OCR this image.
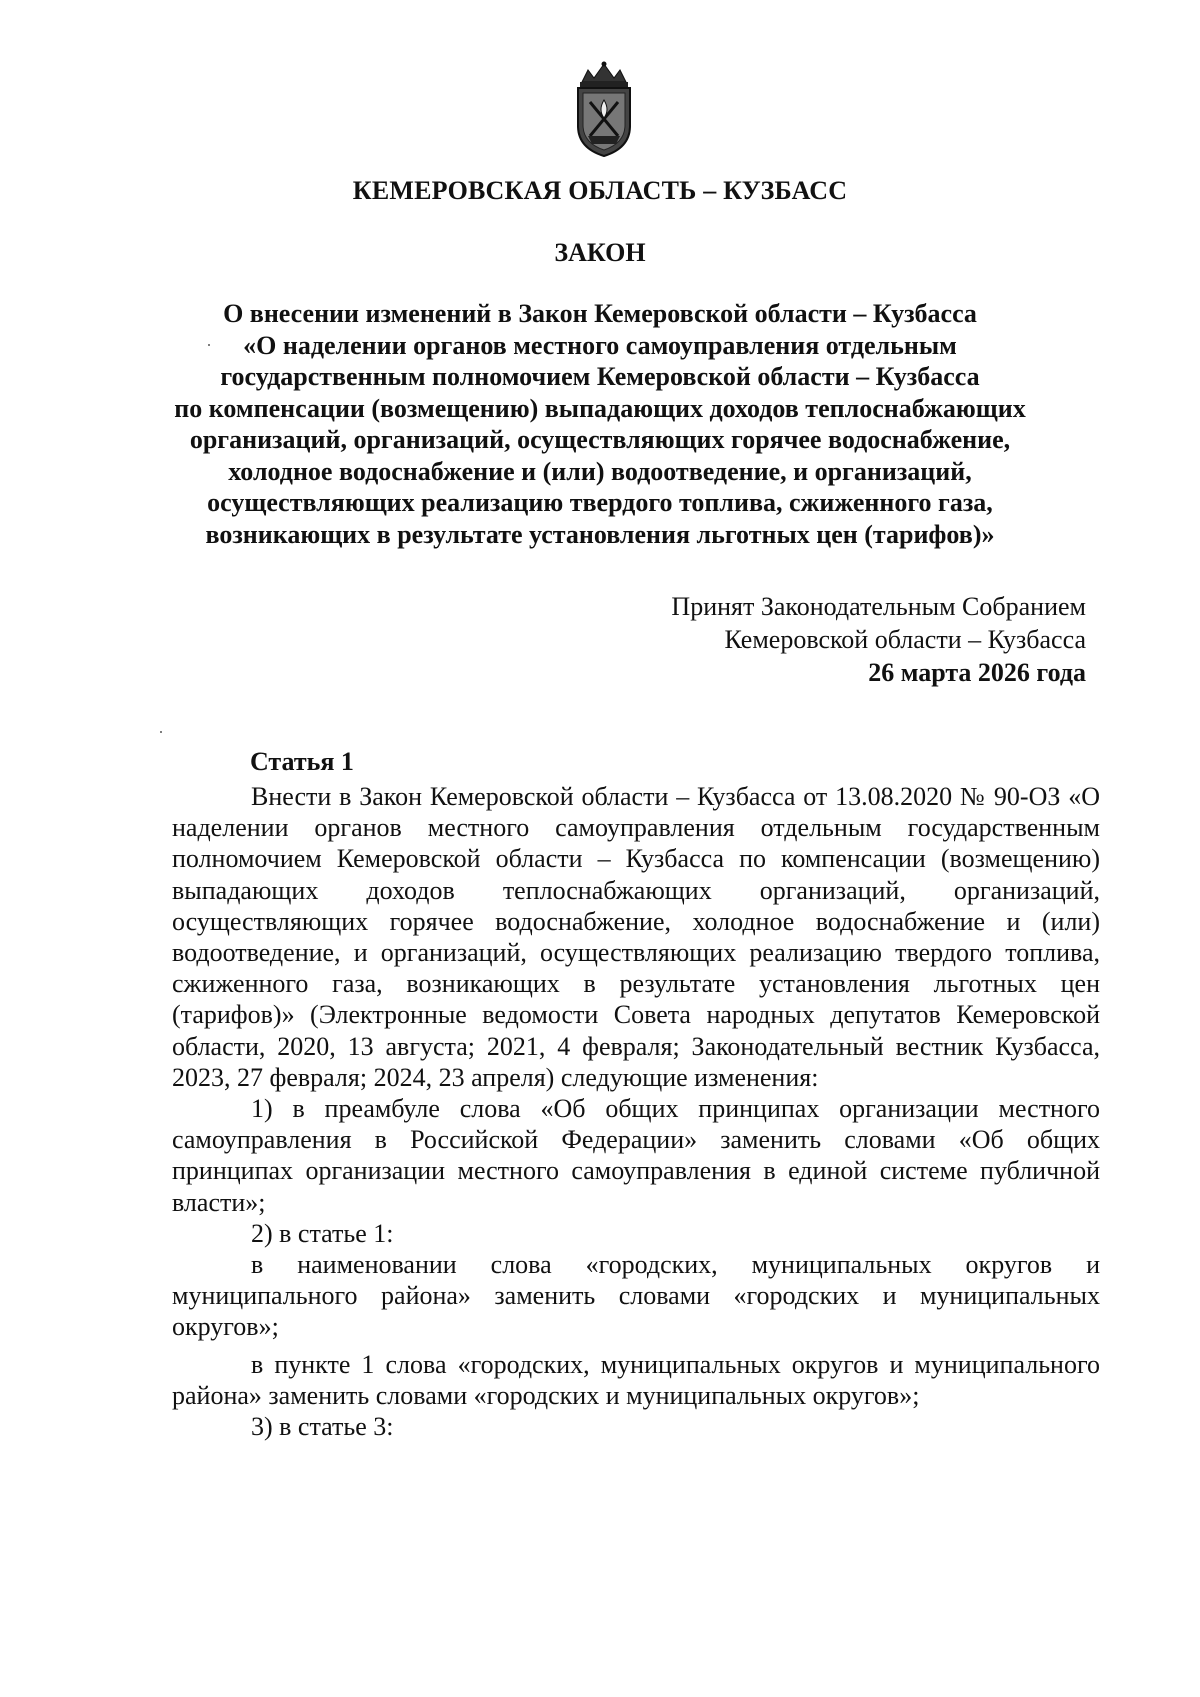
КЕМЕРОВСКАЯ ОБЛАСТЬ – КУЗБАСС
ЗАКОН
О внесении изменений в Закон Кемеровской области – Кузбасса
«О наделении органов местного самоуправления отдельным
государственным полномочием Кемеровской области – Кузбасса
по компенсации (возмещению) выпадающих доходов теплоснабжающих
организаций, организаций, осуществляющих горячее водоснабжение,
холодное водоснабжение и (или) водоотведение, и организаций,
осуществляющих реализацию твердого топлива, сжиженного газа,
возникающих в результате установления льготных цен (тарифов)»
Принят Законодательным Собранием
Кемеровской области – Кузбасса
26 марта 2026 года
Статья 1

Внести в Закон Кемеровской области – Кузбасса от 13.08.2020 № 90-ОЗ «О наделении органов местного самоуправления отдельным государственным полномочием Кемеровской области – Кузбасса по компенсации (возмещению) выпадающих доходов теплоснабжающих организаций, организаций, осуществляющих горячее водоснабжение, холодное водоснабжение и (или) водоотведение, и организаций, осуществляющих реализацию твердого топлива, сжиженного газа, возникающих в результате установления льготных цен (тарифов)» (Электронные ведомости Совета народных депутатов Кемеровской области, 2020, 13 августа; 2021, 4 февраля; Законодательный вестник Кузбасса, 2023, 27 февраля; 2024, 23 апреля) следующие изменения:

1) в преамбуле слова «Об общих принципах организации местного самоуправления в Российской Федерации» заменить словами «Об общих принципах организации местного самоуправления в единой системе публичной власти»;

2) в статье 1:

в наименовании слова «городских, муниципальных округов и муниципального района» заменить словами «городских и муниципальных округов»;

в пункте 1 слова «городских, муниципальных округов и муниципального района» заменить словами «городских и муниципальных округов»;

3) в статье 3:
